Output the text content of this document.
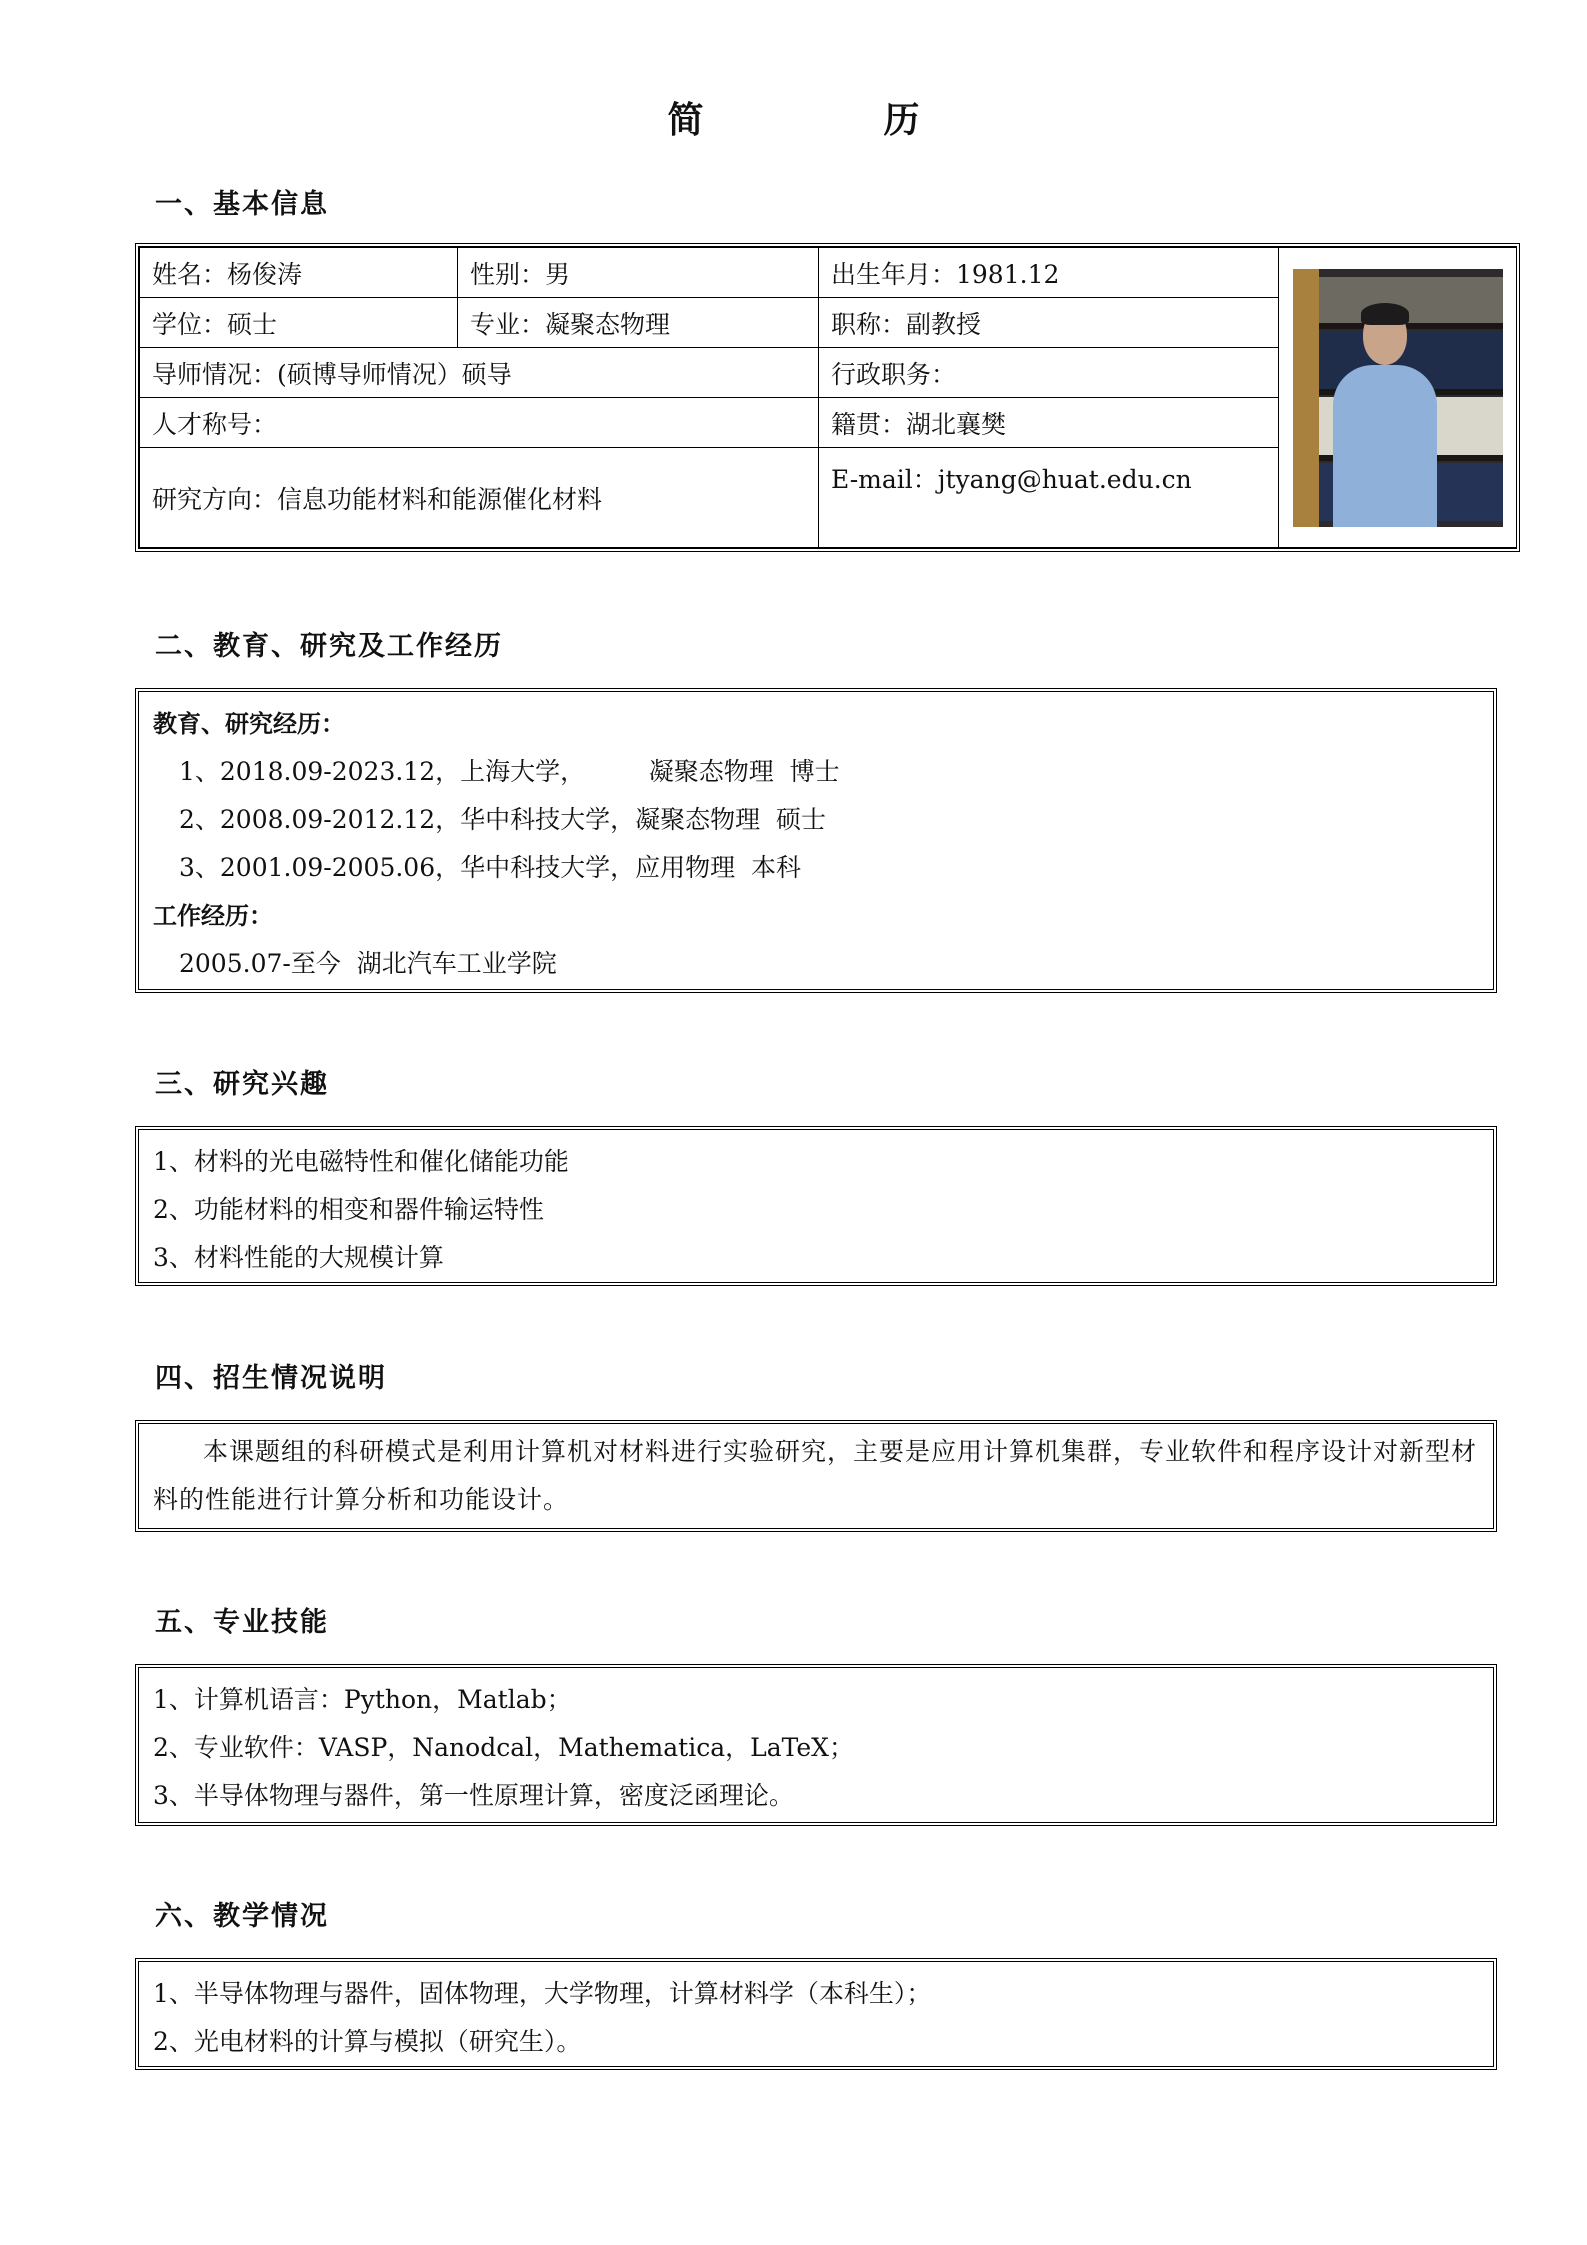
简	历
一、基本信息
姓名：杨俊涛	性别：男	出生年月：1981.12	

学位：硕士	专业：凝聚态物理	职称：副教授	
导师情况：(硕博导师情况）硕导		行政职务：	
人才称号：		籍贯：湖北襄樊	
研究方向：信息功能材料和能源催化材料		E-mail：jtyang@huat.edu.cn	
二、教育、研究及工作经历
教育、研究经历：
1、2018.09-2023.12，上海大学，        凝聚态物理  博士
2、2008.09-2012.12，华中科技大学，凝聚态物理  硕士
3、2001.09-2005.06，华中科技大学，应用物理  本科
工作经历：
2005.07-至今  湖北汽车工业学院
三、研究兴趣
1、材料的光电磁特性和催化储能功能
2、功能材料的相变和器件输运特性
3、材料性能的大规模计算
四、招生情况说明
本课题组的科研模式是利用计算机对材料进行实验研究，主要是应用计算机集群，专业软件和程序设计对新型材料的性能进行计算分析和功能设计。
五、专业技能
1、计算机语言：Python，Matlab；
2、专业软件：VASP，Nanodcal，Mathematica，LaTeX；
3、半导体物理与器件，第一性原理计算，密度泛函理论。
六、教学情况
1、半导体物理与器件，固体物理，大学物理，计算材料学（本科生）；
2、光电材料的计算与模拟（研究生）。
